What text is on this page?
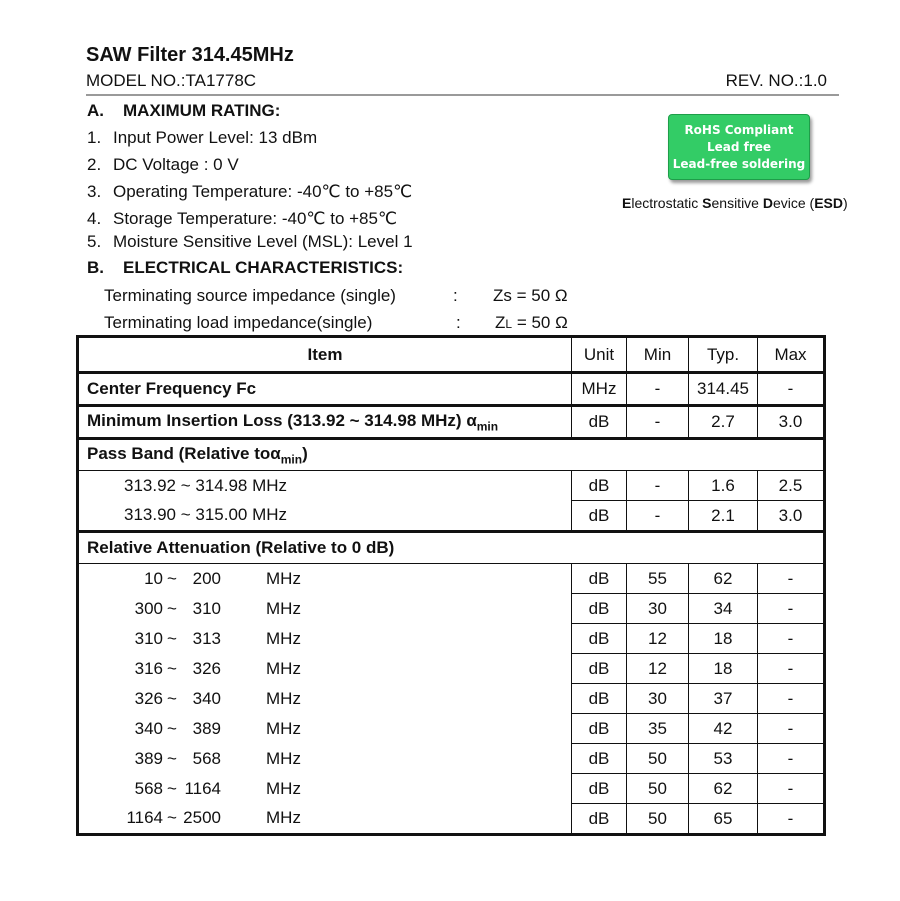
SAW Filter 314.45MHz
MODEL NO.:TA1778C	REV. NO.:1.0
A. MAXIMUM RATING:
1. Input Power Level: 13 dBm
2. DC Voltage : 0 V
3. Operating Temperature: -40℃ to +85℃
4. Storage Temperature: -40℃ to +85℃
5. Moisture Sensitive Level (MSL): Level 1
RoHS Compliant
Lead free
Lead-free soldering
Electrostatic Sensitive Device (ESD)
B. ELECTRICAL CHARACTERISTICS:
Terminating source impedance (single)	: Zs = 50 Ω
Terminating load impedance(single)	: ZL = 50 Ω
Item	Unit	Min	Typ.	Max
Center Frequency Fc	MHz	-	314.45	-
Minimum Insertion Loss (313.92 ~ 314.98 MHz) $\alpha_{min}$	dB	-	2.7	3.0
Pass Band (Relative toα$_{min}$)				
313.92 ~ 314.98 MHz	dB	-	1.6	2.5
313.90 ~ 315.00 MHz	dB	-	2.1	3.0
Relative Attenuation (Relative to 0 dB)				
10 ~ 200 MHz	dB	55	62	-
300 ~ 310 MHz	dB	30	34	-
310 ~ 313 MHz	dB	12	18	-
316 ~ 326 MHz	dB	12	18	-
326 ~ 340 MHz	dB	30	37	-
340 ~ 389 MHz	dB	35	42	-
389 ~ 568 MHz	dB	50	53	-
568 ~ 1164 MHz	dB	50	62	-
1164 ~ 2500 MHz	dB	50	65	-
